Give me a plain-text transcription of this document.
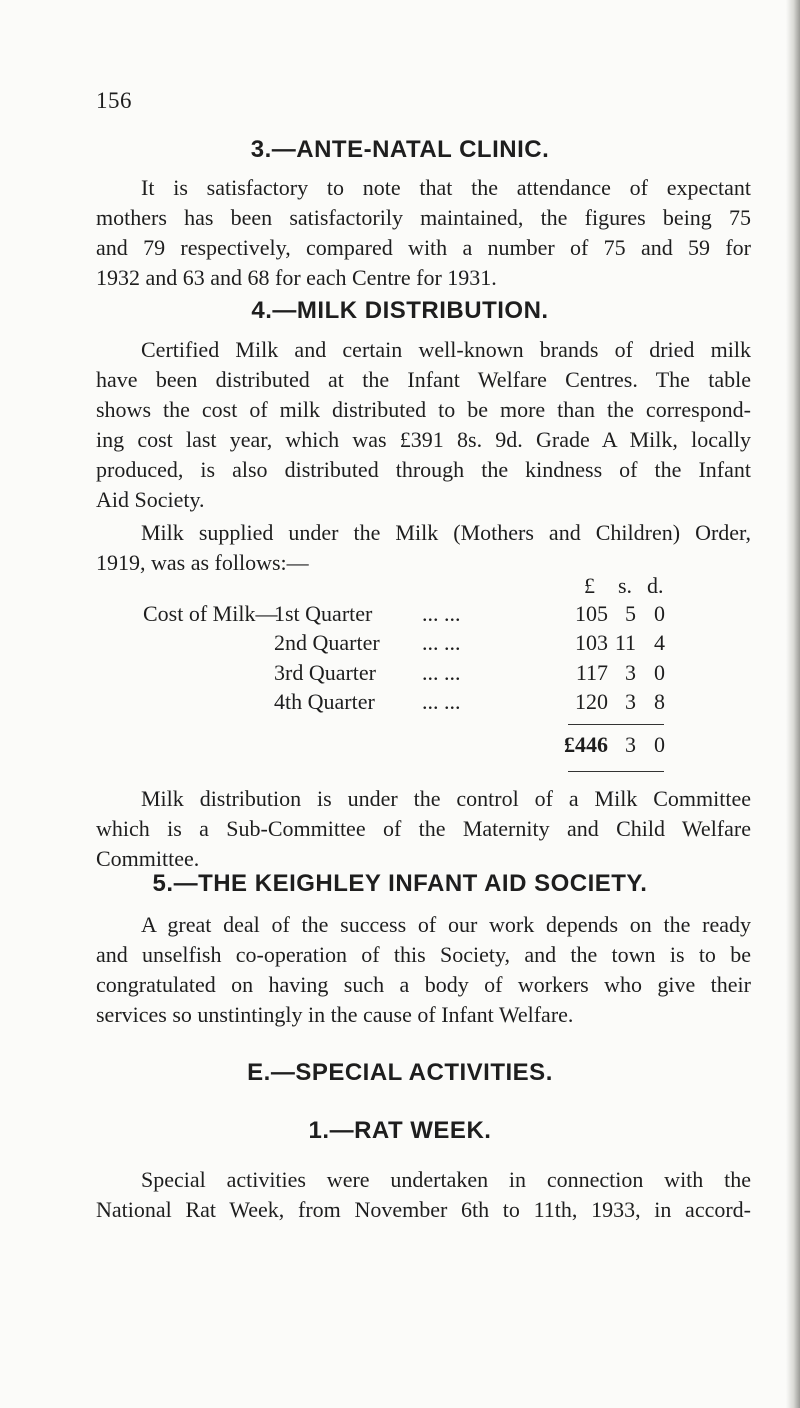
156
3.—ANTE-NATAL CLINIC.

It is satisfactory to note that the attendance of expectant
mothers has been satisfactorily maintained, the figures being 75
and 79 respectively, compared with a number of 75 and 59 for
1932 and 63 and 68 for each Centre for 1931.

4.—MILK DISTRIBUTION.

Certified Milk and certain well-known brands of dried milk
have been distributed at the Infant Welfare Centres. The table
shows the cost of milk distributed to be more than the correspond-
ing cost last year, which was £391 8s. 9d. Grade A Milk, locally
produced, is also distributed through the kindness of the Infant
Aid Society.

Milk supplied under the Milk (Mothers and Children) Order,
1919, was as follows:—

£ s. d.
Cost of Milk—
1st Quarter ... ...	105 5 0
2nd Quarter ... ...	103 11 4
3rd Quarter ... ...	117 3 0
4th Quarter ... ...	120 3 8
£446 3 0

Milk distribution is under the control of a Milk Committee
which is a Sub-Committee of the Maternity and Child Welfare
Committee.

5.—THE KEIGHLEY INFANT AID SOCIETY.

A great deal of the success of our work depends on the ready
and unselfish co-operation of this Society, and the town is to be
congratulated on having such a body of workers who give their
services so unstintingly in the cause of Infant Welfare.

E.—SPECIAL ACTIVITIES.
1.—RAT WEEK.

Special activities were undertaken in connection with the
National Rat Week, from November 6th to 11th, 1933, in accord-
